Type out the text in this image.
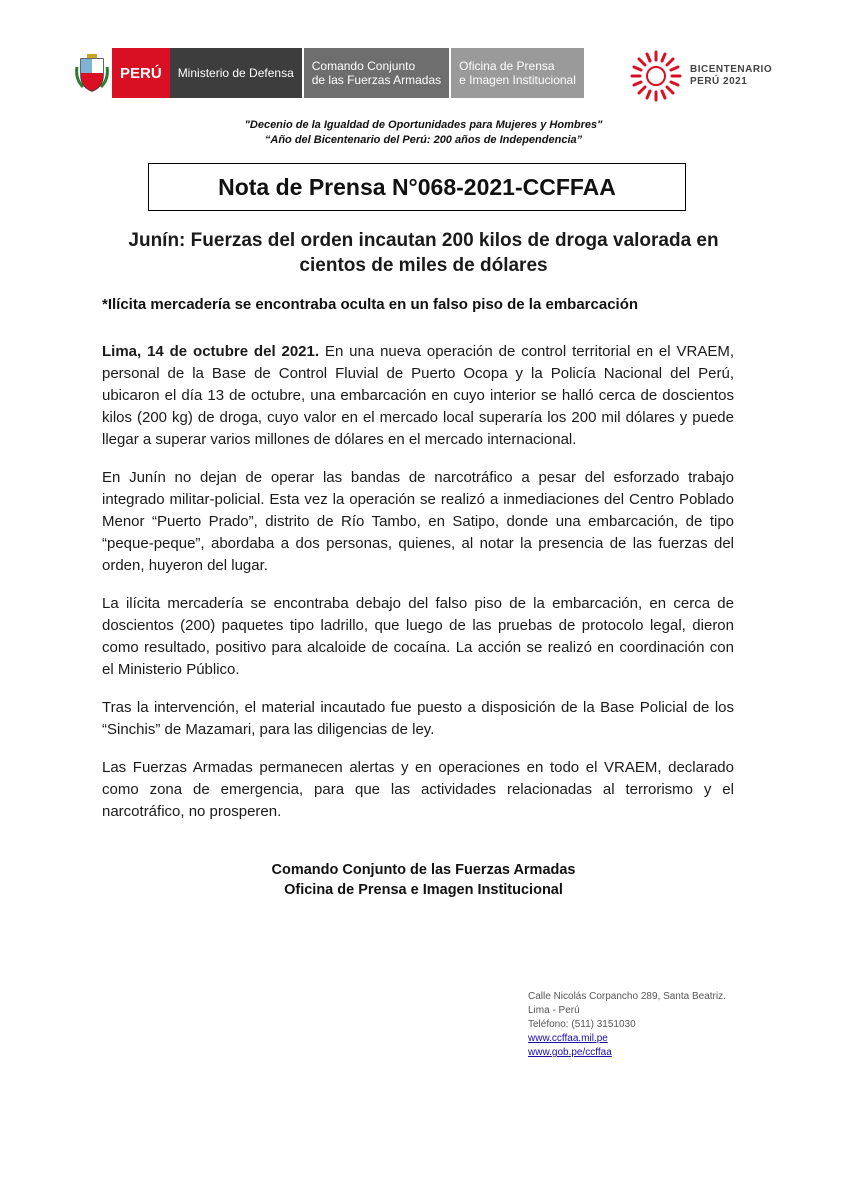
PERÚ	Ministerio de Defensa	Comando Conjunto
de las Fuerzas Armadas
Oficina de Prensa
e Imagen Institucional
BICENTENARIO
PERÚ 2021
"Decenio de la Igualdad de Oportunidades para Mujeres y Hombres"
“Año del Bicentenario del Perú: 200 años de Independencia”
Nota de Prensa N°068-2021-CCFFAA
Junín: Fuerzas del orden incautan 200 kilos de droga valorada en cientos de miles de dólares
*Ilícita mercadería se encontraba oculta en un falso piso de la embarcación

Lima, 14 de octubre del 2021. En una nueva operación de control territorial en el VRAEM, personal de la Base de Control Fluvial de Puerto Ocopa y la Policía Nacional del Perú, ubicaron el día 13 de octubre, una embarcación en cuyo interior se halló cerca de doscientos kilos (200 kg) de droga, cuyo valor en el mercado local superaría los 200 mil dólares y puede llegar a superar varios millones de dólares en el mercado internacional.

En Junín no dejan de operar las bandas de narcotráfico a pesar del esforzado trabajo integrado militar-policial. Esta vez la operación se realizó a inmediaciones del Centro Poblado Menor “Puerto Prado”, distrito de Río Tambo, en Satipo, donde una embarcación, de tipo “peque-peque”, abordaba a dos personas, quienes, al notar la presencia de las fuerzas del orden, huyeron del lugar.

La ilícita mercadería se encontraba debajo del falso piso de la embarcación, en cerca de doscientos (200) paquetes tipo ladrillo, que luego de las pruebas de protocolo legal, dieron como resultado, positivo para alcaloide de cocaína. La acción se realizó en coordinación con el Ministerio Público.

Tras la intervención, el material incautado fue puesto a disposición de la Base Policial de los “Sinchis” de Mazamari, para las diligencias de ley.

Las Fuerzas Armadas permanecen alertas y en operaciones en todo el VRAEM, declarado como zona de emergencia, para que las actividades relacionadas al terrorismo y el narcotráfico, no prosperen.

Comando Conjunto de las Fuerzas Armadas
Oficina de Prensa e Imagen Institucional
Calle Nicolás Corpancho 289, Santa Beatriz.
Lima - Perú
Teléfono: (511) 3151030
www.ccffaa.mil.pe
www.gob.pe/ccffaa
